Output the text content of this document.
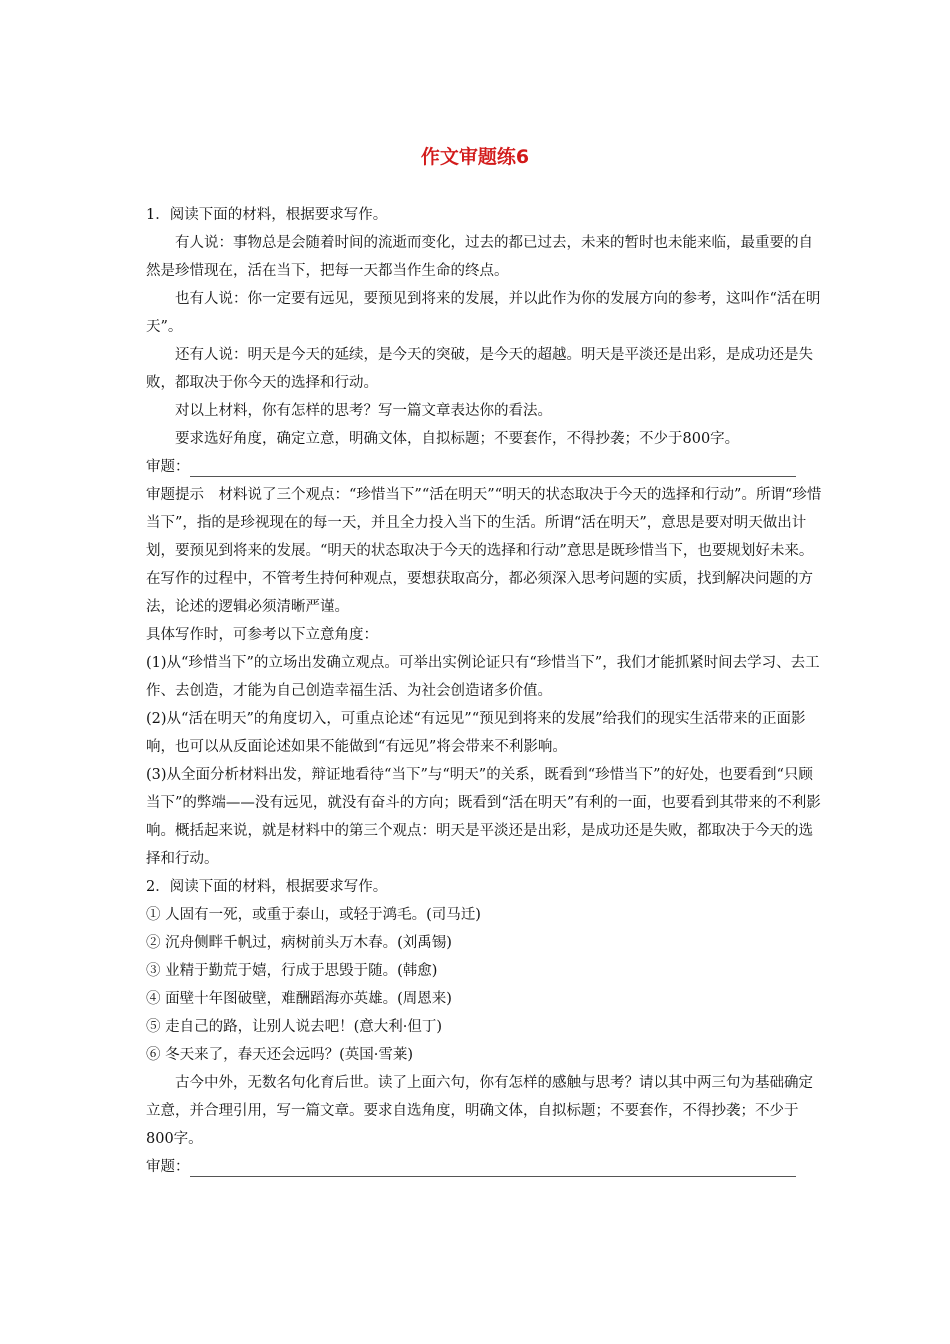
作文审题练6

1．阅读下面的材料，根据要求写作。

有人说：事物总是会随着时间的流逝而变化，过去的都已过去，未来的暂时也未能来临，最重要的自然是珍惜现在，活在当下，把每一天都当作生命的终点。

也有人说：你一定要有远见，要预见到将来的发展，并以此作为你的发展方向的参考，这叫作“活在明天”。

还有人说：明天是今天的延续，是今天的突破，是今天的超越。明天是平淡还是出彩，是成功还是失败，都取决于你今天的选择和行动。

对以上材料，你有怎样的思考？写一篇文章表达你的看法。

要求选好角度，确定立意，明确文体，自拟标题；不要套作，不得抄袭；不少于800字。

审题：

审题提示　材料说了三个观点：“珍惜当下”“活在明天”“明天的状态取决于今天的选择和行动”。所谓“珍惜当下”，指的是珍视现在的每一天，并且全力投入当下的生活。所谓“活在明天”，意思是要对明天做出计划，要预见到将来的发展。“明天的状态取决于今天的选择和行动”意思是既珍惜当下，也要规划好未来。在写作的过程中，不管考生持何种观点，要想获取高分，都必须深入思考问题的实质，找到解决问题的方法，论述的逻辑必须清晰严谨。

具体写作时，可参考以下立意角度：

(1)从“珍惜当下”的立场出发确立观点。可举出实例论证只有“珍惜当下”，我们才能抓紧时间去学习、去工作、去创造，才能为自己创造幸福生活、为社会创造诸多价值。

(2)从“活在明天”的角度切入，可重点论述“有远见”“预见到将来的发展”给我们的现实生活带来的正面影响，也可以从反面论述如果不能做到“有远见”将会带来不利影响。

(3)从全面分析材料出发，辩证地看待“当下”与“明天”的关系，既看到“珍惜当下”的好处，也要看到“只顾当下”的弊端——没有远见，就没有奋斗的方向；既看到“活在明天”有利的一面，也要看到其带来的不利影响。概括起来说，就是材料中的第三个观点：明天是平淡还是出彩，是成功还是失败，都取决于今天的选择和行动。

2．阅读下面的材料，根据要求写作。

① 人固有一死，或重于泰山，或轻于鸿毛。(司马迁)

② 沉舟侧畔千帆过，病树前头万木春。(刘禹锡)

③ 业精于勤荒于嬉，行成于思毁于随。(韩愈)

④ 面壁十年图破壁，难酬蹈海亦英雄。(周恩来)

⑤ 走自己的路，让别人说去吧！(意大利·但丁)

⑥ 冬天来了，春天还会远吗？(英国·雪莱)

古今中外，无数名句化育后世。读了上面六句，你有怎样的感触与思考？请以其中两三句为基础确定立意，并合理引用，写一篇文章。要求自选角度，明确文体，自拟标题；不要套作，不得抄袭；不少于800字。

审题：
